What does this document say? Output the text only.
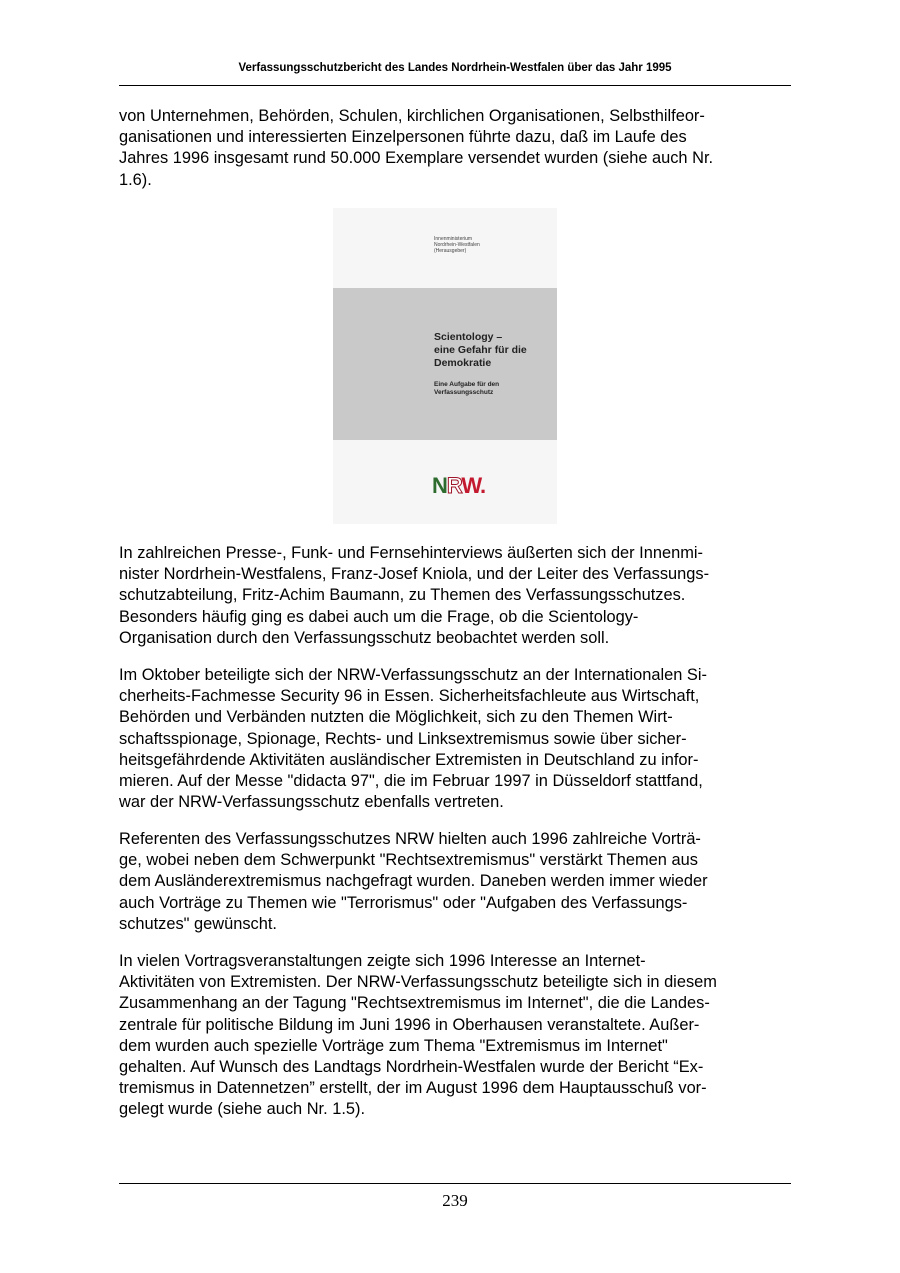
Verfassungsschutzbericht des Landes Nordrhein-Westfalen über das Jahr 1995

von Unternehmen, Behörden, Schulen, kirchlichen Organisationen, Selbsthilfeor-
ganisationen und interessierten Einzelpersonen führte dazu, daß im Laufe des
Jahres 1996 insgesamt rund 50.000 Exemplare versendet wurden (siehe auch Nr.
1.6).

Innenministerium
Nordrhein-Westfalen
(Herausgeber)
Scientology –
eine Gefahr für die
Demokratie
Eine Aufgabe für den
Verfassungsschutz
NRW.

In zahlreichen Presse-, Funk- und Fernsehinterviews äußerten sich der Innenmi-
nister Nordrhein-Westfalens, Franz-Josef Kniola, und der Leiter des Verfassungs-
schutzabteilung, Fritz-Achim Baumann, zu Themen des Verfassungsschutzes.
Besonders häufig ging es dabei auch um die Frage, ob die Scientology-
Organisation durch den Verfassungsschutz beobachtet werden soll.

Im Oktober beteiligte sich der NRW-Verfassungsschutz an der Internationalen Si-
cherheits-Fachmesse Security 96 in Essen. Sicherheitsfachleute aus Wirtschaft,
Behörden und Verbänden nutzten die Möglichkeit, sich zu den Themen Wirt-
schaftsspionage, Spionage, Rechts- und Linksextremismus sowie über sicher-
heitsgefährdende Aktivitäten ausländischer Extremisten in Deutschland zu infor-
mieren. Auf der Messe "didacta 97", die im Februar 1997 in Düsseldorf stattfand,
war der NRW-Verfassungsschutz ebenfalls vertreten.

Referenten des Verfassungsschutzes NRW hielten auch 1996 zahlreiche Vorträ-
ge, wobei neben dem Schwerpunkt "Rechtsextremismus" verstärkt Themen aus
dem Ausländerextremismus nachgefragt wurden. Daneben werden immer wieder
auch Vorträge zu Themen wie "Terrorismus" oder "Aufgaben des Verfassungs-
schutzes" gewünscht.

In vielen Vortragsveranstaltungen zeigte sich 1996 Interesse an Internet-
Aktivitäten von Extremisten. Der NRW-Verfassungsschutz beteiligte sich in diesem
Zusammenhang an der Tagung "Rechtsextremismus im Internet", die die Landes-
zentrale für politische Bildung im Juni 1996 in Oberhausen veranstaltete. Außer-
dem wurden auch spezielle Vorträge zum Thema "Extremismus im Internet"
gehalten. Auf Wunsch des Landtags Nordrhein-Westfalen wurde der Bericht “Ex-
tremismus in Datennetzen” erstellt, der im August 1996 dem Hauptausschuß vor-
gelegt wurde (siehe auch Nr. 1.5).

239
